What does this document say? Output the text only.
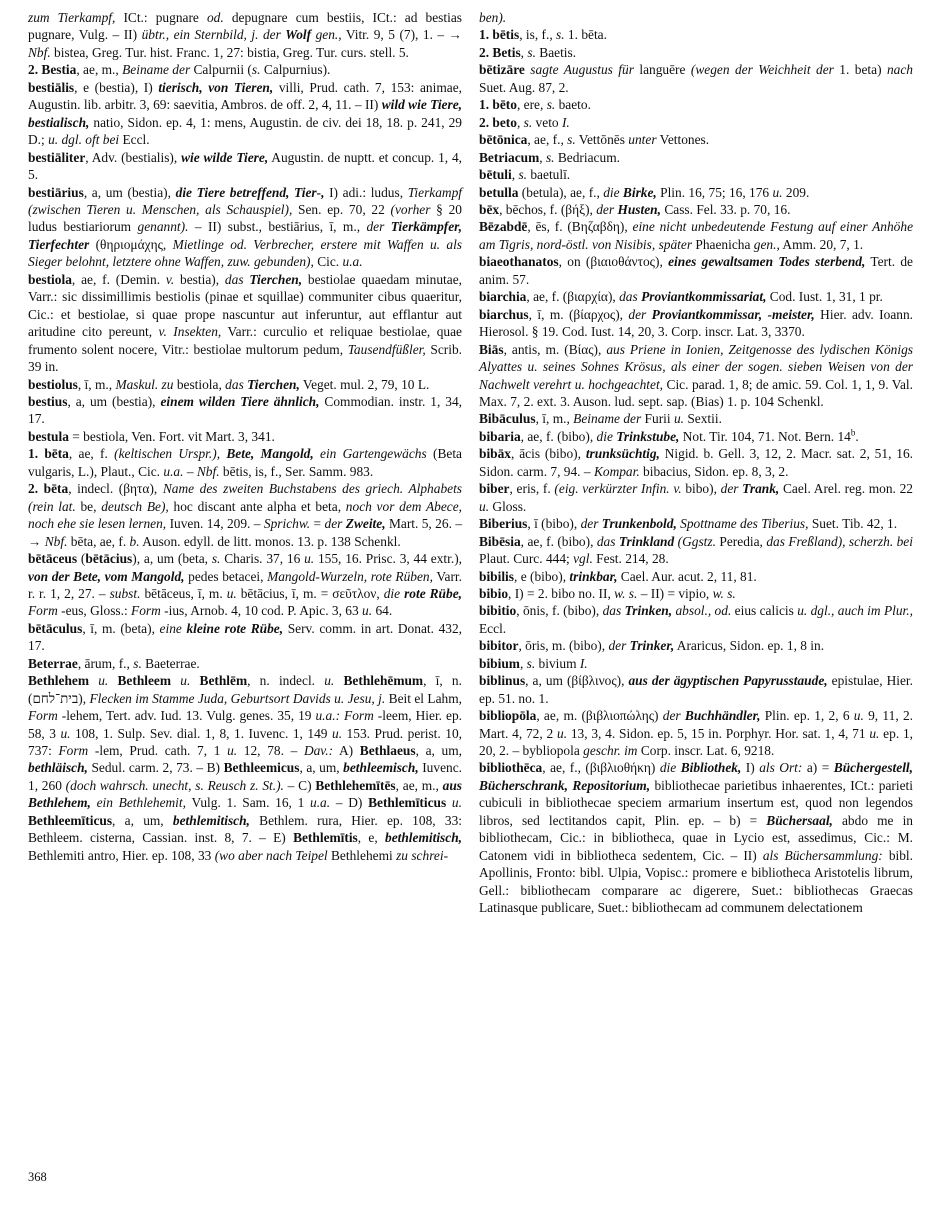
zum Tierkampf, ICt.: pugnare od. depugnare cum bestiis, ICt.: ad bestias pugnare, Vulg. – II) übtr., ein Sternbild, j. der Wolf gen., Vitr. 9, 5 (7), 1. – → Nbf. bistea, Greg. Tur. hist. Franc. 1, 27: bistia, Greg. Tur. curs. stell. 5.

2. Bestia, ae, m., Beiname der Calpurnii (s. Calpurnius).

bestiālis, e (bestia), I) tierisch, von Tieren, villi, Prud. cath. 7, 153: animae, Augustin. lib. arbitr. 3, 69: saevitia, Ambros. de off. 2, 4, 11. – II) wild wie Tiere, bestialisch, natio, Sidon. ep. 4, 1: mens, Augustin. de civ. dei 18, 18. p. 241, 29 D.; u. dgl. oft bei Eccl.

bestiāliter, Adv. (bestialis), wie wilde Tiere, Augustin. de nuptt. et concup. 1, 4, 5.

bestiārius, a, um (bestia), die Tiere betreffend, Tier-, I) adi.: ludus, Tierkampf (zwischen Tieren u. Menschen, als Schauspiel), Sen. ep. 70, 22 (vorher § 20 ludus bestiariorum genannt). – II) subst., bestiārius, ī, m., der Tierkämpfer, Tierfechter (θηριομάχης, Mietlinge od. Verbrecher, erstere mit Waffen u. als Sieger belohnt, letztere ohne Waffen, zuw. gebunden), Cic. u.a.

bestiola, ae, f. (Demin. v. bestia), das Tierchen, bestiolae quaedam minutae, Varr.: sic dissimillimis bestiolis (pinae et squillae) communiter cibus quaeritur, Cic.: et bestiolae, si quae prope nascuntur aut inferuntur, aut efflantur aut aritudine cito pereunt, v. Insekten, Varr.: curculio et reliquae bestiolae, quae frumento solent nocere, Vitr.: bestiolae multorum pedum, Tausendfüßler, Scrib. 39 in.

bestiolus, ī, m., Maskul. zu bestiola, das Tierchen, Veget. mul. 2, 79, 10 L.

bestius, a, um (bestia), einem wilden Tiere ähnlich, Commodian. instr. 1, 34, 17.

bestula = bestiola, Ven. Fort. vit Mart. 3, 341.

1. bēta, ae, f. (keltischen Urspr.), Bete, Mangold, ein Gartengewächs (Beta vulgaris, L.), Plaut., Cic. u.a. – Nbf. bētis, is, f., Ser. Samm. 983.

2. bēta, indecl. (βητα), Name des zweiten Buchstabens des griech. Alphabets (rein lat. be, deutsch Be), hoc discant ante alpha et beta, noch vor dem Abece, noch ehe sie lesen lernen, Iuven. 14, 209. – Sprichw. = der Zweite, Mart. 5, 26. – → Nbf. bēta, ae, f. b. Auson. edyll. de litt. monos. 13. p. 138 Schenkl.

bētāceus (bētācius), a, um (beta, s. Charis. 37, 16 u. 155, 16. Prisc. 3, 44 extr.), von der Bete, vom Mangold, pedes betacei, Mangold-Wurzeln, rote Rüben, Varr. r. r. 1, 2, 27. – subst. bētāceus, ī, m. u. bētācius, ī, m. = σεῦτλον, die rote Rübe, Form -eus, Gloss.: Form -ius, Arnob. 4, 10 cod. P. Apic. 3, 63 u. 64.

bētāculus, ī, m. (beta), eine kleine rote Rübe, Serv. comm. in art. Donat. 432, 17.

Beterrae, ārum, f., s. Baeterrae.

Bethlehem u. Bethleem u. Bethlēm, n. indecl. u. Bethlehēmum, ī, n. (בית־לחם), Flecken im Stamme Juda, Geburtsort Davids u. Jesu, j. Beit el Lahm, Form -lehem, Tert. adv. Iud. 13. Vulg. genes. 35, 19 u.a.: Form -leem, Hier. ep. 58, 3 u. 108, 1. Sulp. Sev. dial. 1, 8, 1. Iuvenc. 1, 149 u. 153. Prud. perist. 10, 737: Form -lem, Prud. cath. 7, 1 u. 12, 78. – Dav.: A) Bethlaeus, a, um, bethläisch, Sedul. carm. 2, 73. – B) Bethleemicus, a, um, bethleemisch, Iuvenc. 1, 260 (doch wahrsch. unecht, s. Reusch z. St.). – C) Bethlehemītēs, ae, m., aus Bethlehem, ein Bethlehemit, Vulg. 1. Sam. 16, 1 u.a. – D) Bethlemīticus u. Bethleemīticus, a, um, bethlemitisch, Bethlem. rura, Hier. ep. 108, 33: Bethleem. cisterna, Cassian. inst. 8, 7. – E) Bethlemītis, e, bethlemitisch, Bethlemiti antro, Hier. ep. 108, 33 (wo aber nach Teipel Bethlehemi zu schrei-

ben).

1. bētis, is, f., s. 1. bēta.

2. Betis, s. Baetis.

bētizāre sagte Augustus für languēre (wegen der Weichheit der 1. beta) nach Suet. Aug. 87, 2.

1. bēto, ere, s. baeto.

2. beto, s. veto I.

bētōnica, ae, f., s. Vettōnēs unter Vettones.

Betriacum, s. Bedriacum.

bētuli, s. baetulī.

betulla (betula), ae, f., die Birke, Plin. 16, 75; 16, 176 u. 209.

bēx, bēchos, f. (βήξ), der Husten, Cass. Fel. 33. p. 70, 16.

Bēzabdē, ēs, f. (Βηζαβδη), eine nicht unbedeutende Festung auf einer Anhöhe am Tigris, nord-östl. von Nisibis, später Phaenicha gen., Amm. 20, 7, 1.

biaeothanatos, on (βιαιοθάντος), eines gewaltsamen Todes sterbend, Tert. de anim. 57.

biarchia, ae, f. (βιαρχία), das Proviantkommissariat, Cod. Iust. 1, 31, 1 pr.

biarchus, ī, m. (βίαρχος), der Proviantkommissar, -meister, Hier. adv. Ioann. Hierosol. § 19. Cod. Iust. 14, 20, 3. Corp. inscr. Lat. 3, 3370.

Biās, antis, m. (Βίας), aus Priene in Ionien, Zeitgenosse des lydischen Königs Alyattes u. seines Sohnes Krösus, als einer der sogen. sieben Weisen von der Nachwelt verehrt u. hochgeachtet, Cic. parad. 1, 8; de amic. 59. Col. 1, 1, 9. Val. Max. 7, 2. ext. 3. Auson. lud. sept. sap. (Bias) 1. p. 104 Schenkl.

Bibāculus, ī, m., Beiname der Furii u. Sextii.

bibaria, ae, f. (bibo), die Trinkstube, Not. Tir. 104, 71. Not. Bern. 14$^b$.

bibāx, ācis (bibo), trunksüchtig, Nigid. b. Gell. 3, 12, 2. Macr. sat. 2, 51, 16. Sidon. carm. 7, 94. – Kompar. bibacius, Sidon. ep. 8, 3, 2.

biber, eris, f. (eig. verkürzter Infin. v. bibo), der Trank, Cael. Arel. reg. mon. 22 u. Gloss.

Biberius, ī (bibo), der Trunkenbold, Spottname des Tiberius, Suet. Tib. 42, 1.

Bibēsia, ae, f. (bibo), das Trinkland (Ggstz. Peredia, das Freßland), scherzh. bei Plaut. Curc. 444; vgl. Fest. 214, 28.

bibilis, e (bibo), trinkbar, Cael. Aur. acut. 2, 11, 81.

bibio, I) = 2. bibo no. II, w. s. – II) = vipio, w. s.

bibitio, ōnis, f. (bibo), das Trinken, absol., od. eius calicis u. dgl., auch im Plur., Eccl.

bibitor, ōris, m. (bibo), der Trinker, Araricus, Sidon. ep. 1, 8 in.

bibium, s. bivium I.

biblinus, a, um (βίβλινος), aus der ägyptischen Papyrusstaude, epistulae, Hier. ep. 51. no. 1.

bibliopōla, ae, m. (βιβλιοπώλης) der Buchhändler, Plin. ep. 1, 2, 6 u. 9, 11, 2. Mart. 4, 72, 2 u. 13, 3, 4. Sidon. ep. 5, 15 in. Porphyr. Hor. sat. 1, 4, 71 u. ep. 1, 20, 2. – bybliopola geschr. im Corp. inscr. Lat. 6, 9218.

bibliothēca, ae, f., (βιβλιοθήκη) die Bibliothek, I) als Ort: a) = Büchergestell, Bücherschrank, Repositorium, bibliothecae parietibus inhaerentes, ICt.: parieti cubiculi in bibliothecae speciem armarium insertum est, quod non legendos libros, sed lectitandos capit, Plin. ep. – b) = Büchersaal, abdo me in bibliothecam, Cic.: in bibliotheca, quae in Lycio est, assedimus, Cic.: M. Catonem vidi in bibliotheca sedentem, Cic. – II) als Büchersammlung: bibl. Apollinis, Fronto: bibl. Ulpia, Vopisc.: promere e bibliotheca Aristotelis librum, Gell.: bibliothecam comparare ac digerere, Suet.: bibliothecas Graecas Latinasque publicare, Suet.: bibliothecam ad communem delectationem

368
